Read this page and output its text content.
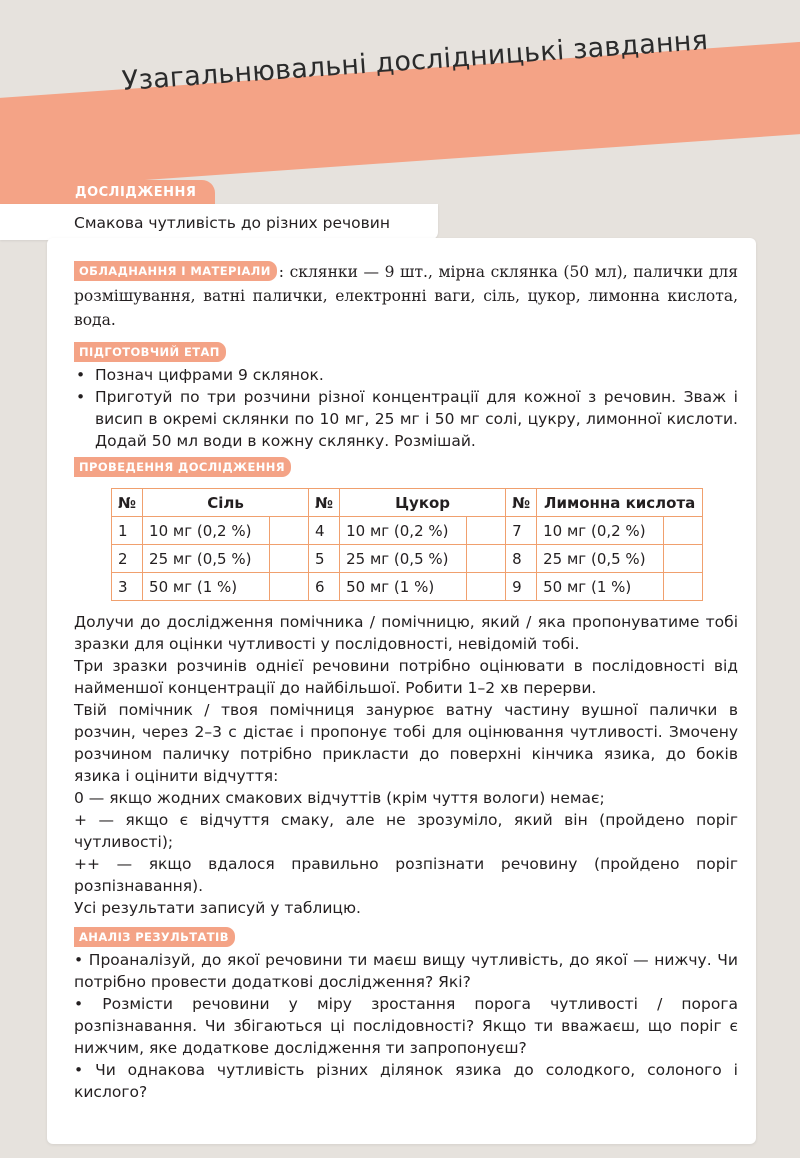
Узагальнювальні дослідницькі завдання
ДОСЛІДЖЕННЯ
Смакова чутливість до різних речовин
ОБЛАДНАННЯ І МАТЕРІАЛИ : склянки — 9 шт., мірна склянка (50 мл), палички для розмішування, ватні палички, електронні ваги, сіль, цукор, лимонна кислота, вода.
ПІДГОТОВЧИЙ ЕТАП
• Познач цифрами 9 склянок.
• Приготуй по три розчини різної концентрації для кожної з речовин. Зваж і висип в окремі склянки по 10 мг, 25 мг і 50 мг солі, цукру, лимонної кислоти. Додай 50 мл води в кожну склянку. Розмішай.
ПРОВЕДЕННЯ ДОСЛІДЖЕННЯ
№	Сіль		№	Цукор		№	Лимонна кислота	
1	10 мг (0,2 %)		4	10 мг (0,2 %)		7	10 мг (0,2 %)	
2	25 мг (0,5 %)		5	25 мг (0,5 %)		8	25 мг (0,5 %)	
3	50 мг (1 %)		6	50 мг (1 %)		9	50 мг (1 %)	

Долучи до дослідження помічника / помічницю, який / яка пропонуватиме тобі зразки для оцінки чутливості у послідовності, невідомій тобі.

Три зразки розчинів однієї речовини потрібно оцінювати в послідовності від найменшої концентрації до найбільшої. Робити 1–2 хв перерви.

Твій помічник / твоя помічниця занурює ватну частину вушної палички в розчин, через 2–3 с дістає і пропонує тобі для оцінювання чутливості. Змочену розчином паличку потрібно прикласти до поверхні кінчика язика, до боків язика і оцінити відчуття:

0 — якщо жодних смакових відчуттів (крім чуття вологи) немає;

+ — якщо є відчуття смаку, але не зрозуміло, який він (пройдено поріг чутливості);

++ — якщо вдалося правильно розпізнати речовину (пройдено поріг розпізнавання).

Усі результати записуй у таблицю.

АНАЛІЗ РЕЗУЛЬТАТІВ

• Проаналізуй, до якої речовини ти маєш вищу чутливість, до якої — нижчу. Чи потрібно провести додаткові дослідження? Які?

• Розмісти речовини у міру зростання порога чутливості / порога розпізнавання. Чи збігаються ці послідовності? Якщо ти вважаєш, що поріг є нижчим, яке додаткове дослідження ти запропонуєш?

• Чи однакова чутливість різних ділянок язика до солодкого, солоного і кислого?
